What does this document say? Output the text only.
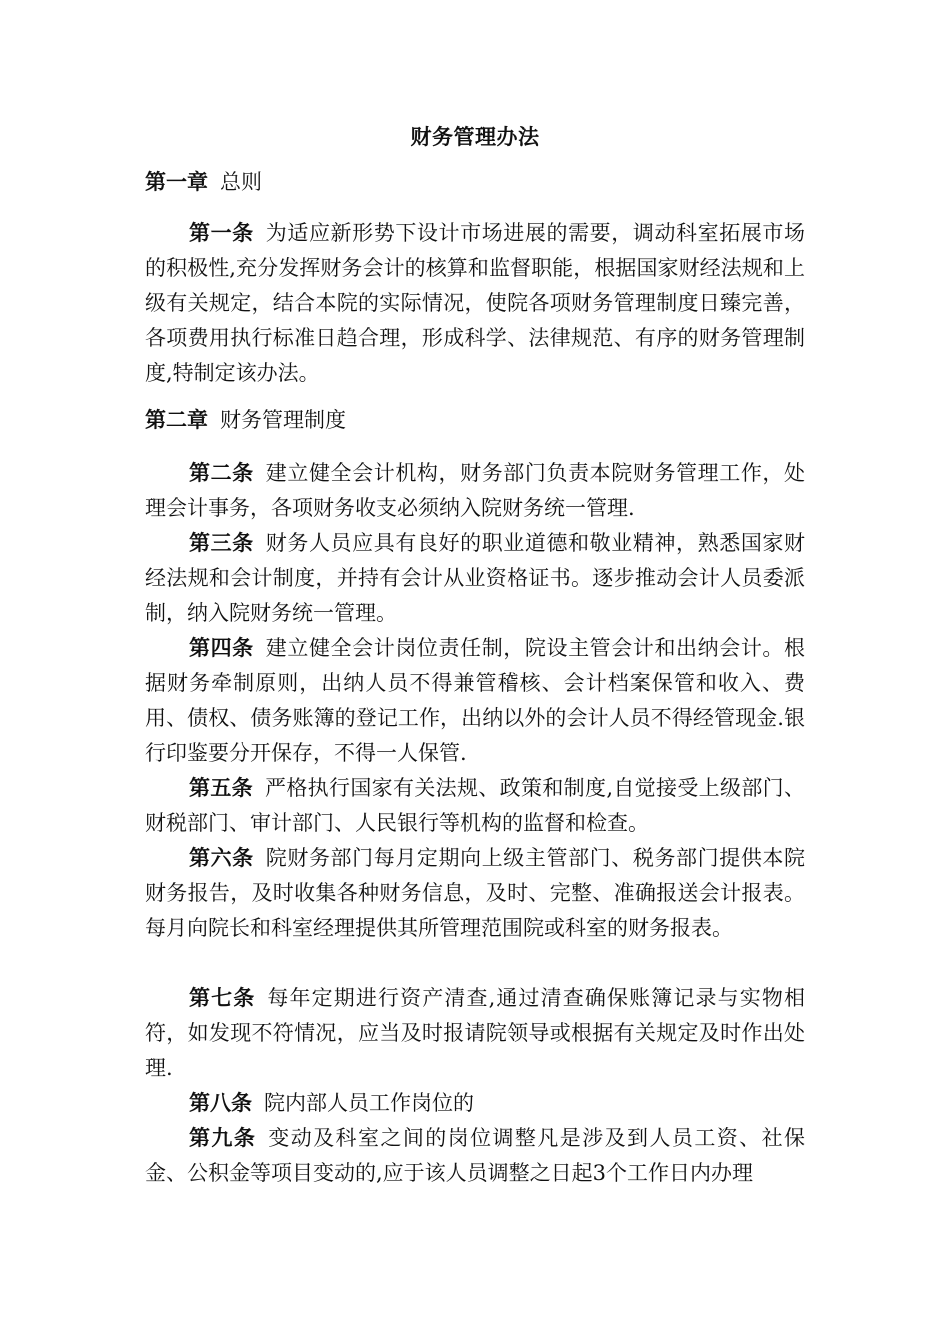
财务管理办法
第一章 总则

第一条 为适应新形势下设计市场进展的需要，调动科室拓展市场的积极性,充分发挥财务会计的核算和监督职能，根据国家财经法规和上级有关规定，结合本院的实际情况，使院各项财务管理制度日臻完善，各项费用执行标准日趋合理，形成科学、法律规范、有序的财务管理制度,特制定该办法。

第二章 财务管理制度

第二条 建立健全会计机构，财务部门负责本院财务管理工作，处理会计事务，各项财务收支必须纳入院财务统一管理.

第三条 财务人员应具有良好的职业道德和敬业精神，熟悉国家财经法规和会计制度，并持有会计从业资格证书。逐步推动会计人员委派制，纳入院财务统一管理。

第四条 建立健全会计岗位责任制，院设主管会计和出纳会计。根据财务牵制原则，出纳人员不得兼管稽核、会计档案保管和收入、费用、债权、债务账簿的登记工作，出纳以外的会计人员不得经管现金.银行印鉴要分开保存，不得一人保管.

第五条 严格执行国家有关法规、政策和制度,自觉接受上级部门、财税部门、审计部门、人民银行等机构的监督和检查。

第六条 院财务部门每月定期向上级主管部门、税务部门提供本院财务报告，及时收集各种财务信息，及时、完整、准确报送会计报表。每月向院长和科室经理提供其所管理范围院或科室的财务报表。

第七条 每年定期进行资产清查,通过清查确保账簿记录与实物相符，如发现不符情况，应当及时报请院领导或根据有关规定及时作出处理.

第八条 院内部人员工作岗位的

第九条 变动及科室之间的岗位调整凡是涉及到人员工资、社保金、公积金等项目变动的,应于该人员调整之日起3个工作日内办理
